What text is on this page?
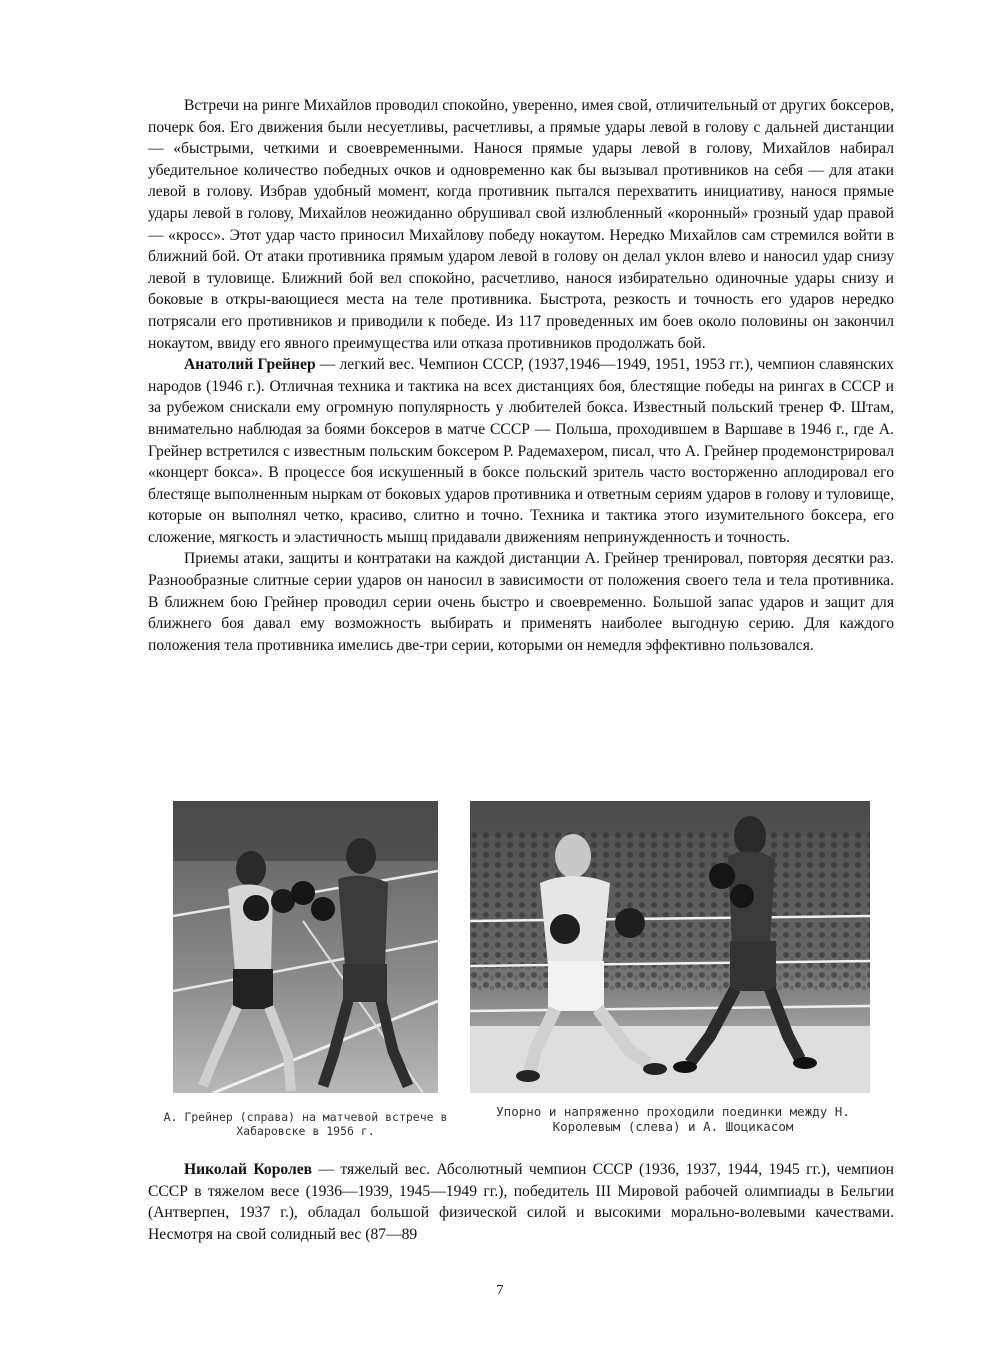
Встречи на ринге Михайлов проводил спокойно, уверенно, имея свой, отличительный от других боксеров, почерк боя. Его движения были несуетливы, расчетливы, а прямые удары левой в голову с дальней дистанции — «быстрыми, четкими и своевременными. Нанося прямые удары левой в голову, Михайлов набирал убедительное количество победных очков и одновременно как бы вызывал противников на себя — для атаки левой в голову. Избрав удобный момент, когда противник пытался перехватить инициативу, нанося прямые удары левой в голову, Михайлов неожиданно обрушивал свой излюбленный «коронный» грозный удар правой — «кросс». Этот удар часто приносил Михайлову победу нокаутом. Нередко Михайлов сам стремился войти в ближний бой. От атаки противника прямым ударом левой в голову он делал уклон влево и наносил удар снизу левой в туловище. Ближний бой вел спокойно, расчетливо, нанося избирательно одиночные удары снизу и боковые в откры-вающиеся места на теле противника. Быстрота, резкость и точность его ударов нередко потрясали его противников и приводили к победе. Из 117 проведенных им боев около половины он закончил нокаутом, ввиду его явного преимущества или отказа противников продолжать бой.

Анатолий Грейнер — легкий вес. Чемпион СССР, (1937,1946—1949, 1951, 1953 гг.), чемпион славянских народов (1946 г.). Отличная техника и тактика на всех дистанциях боя, блестящие победы на рингах в СССР и за рубежом снискали ему огромную популярность у любителей бокса. Известный польский тренер Ф. Штам, внимательно наблюдая за боями боксеров в матче СССР — Польша, проходившем в Варшаве в 1946 г., где А. Грейнер встретился с известным польским боксером Р. Радемахером, писал, что А. Грейнер продемонстрировал «концерт бокса». В процессе боя искушенный в боксе польский зритель часто восторженно аплодировал его блестяще выполненным ныркам от боковых ударов противника и ответным сериям ударов в голову и туловище, которые он выполнял четко, красиво, слитно и точно. Техника и тактика этого изумительного боксера, его сложение, мягкость и эластичность мышц придавали движениям непринужденность и точность.

Приемы атаки, защиты и контратаки на каждой дистанции А. Грейнер тренировал, повторяя десятки раз. Разнообразные слитные серии ударов он наносил в зависимости от положения своего тела и тела противника. В ближнем бою Грейнер проводил серии очень быстро и своевременно. Большой запас ударов и защит для ближнего боя давал ему возможность выбирать и применять наиболее выгодную серию. Для каждого положения тела противника имелись две-три серии, которыми он немедля эффективно пользовался.

А. Грейнер (справа) на матчевой встрече в Хабаровске в 1956 г.
Упорно и напряженно проходили поединки между Н. Королевым (слева) и А. Шоцикасом

Николай Королев — тяжелый вес. Абсолютный чемпион СССР (1936, 1937, 1944, 1945 гг.), чемпион СССР в тяжелом весе (1936—1939, 1945—1949 гг.), победитель III Мировой рабочей олимпиады в Бельгии (Антверпен, 1937 г.), обладал большой физической силой и высокими морально-волевыми качествами. Несмотря на свой солидный вес (87—89

7
